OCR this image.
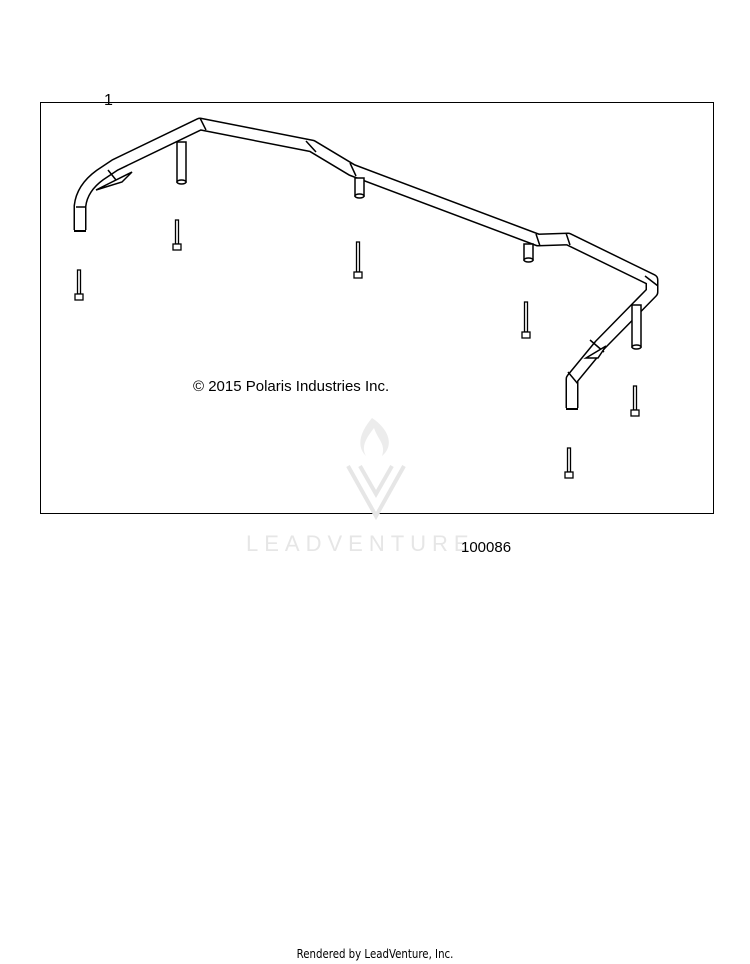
LEADVENTURE
1
© 2015 Polaris Industries Inc.
100086
Rendered by LeadVenture, Inc.
